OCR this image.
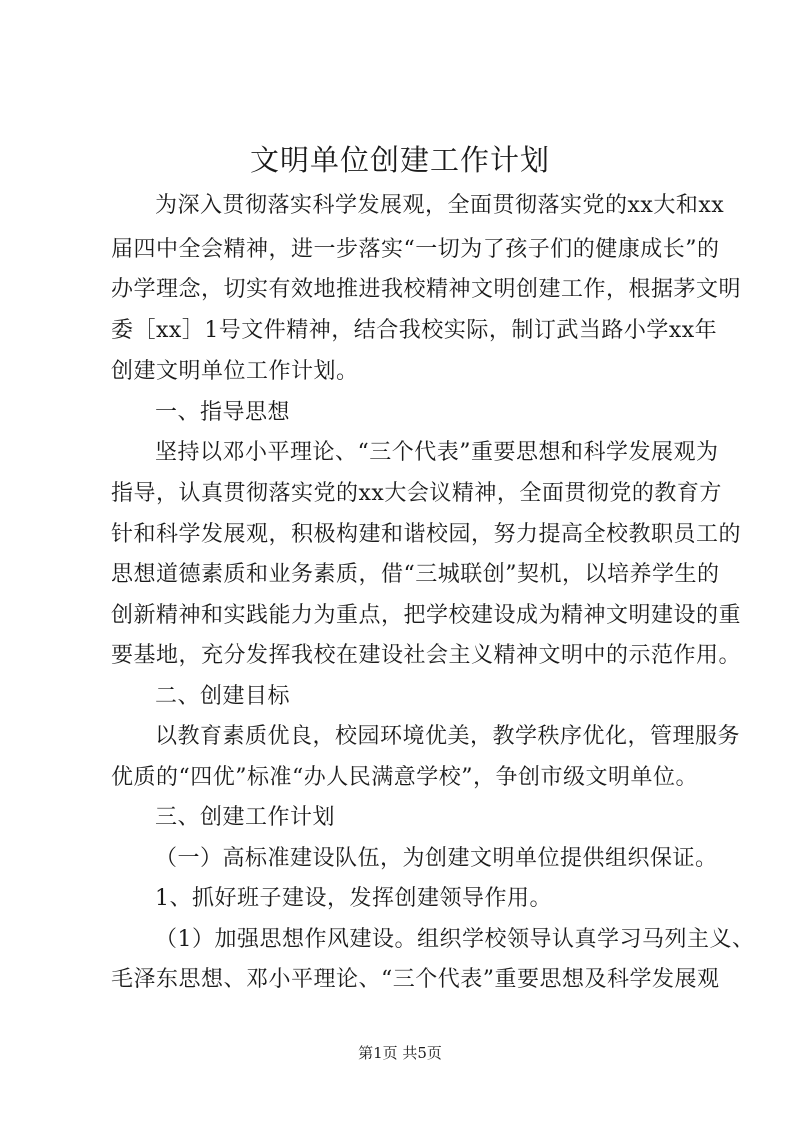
文明单位创建工作计划
为深入贯彻落实科学发展观，全面贯彻落实党的xx大和xx
届四中全会精神，进一步落实“一切为了孩子们的健康成长”的
办学理念，切实有效地推进我校精神文明创建工作，根据茅文明
委［xx］1号文件精神，结合我校实际，制订武当路小学xx年
创建文明单位工作计划。
一、指导思想
坚持以邓小平理论、“三个代表”重要思想和科学发展观为
指导，认真贯彻落实党的xx大会议精神，全面贯彻党的教育方
针和科学发展观，积极构建和谐校园，努力提高全校教职员工的
思想道德素质和业务素质，借“三城联创”契机，以培养学生的
创新精神和实践能力为重点，把学校建设成为精神文明建设的重
要基地，充分发挥我校在建设社会主义精神文明中的示范作用。
二、创建目标
以教育素质优良，校园环境优美，教学秩序优化，管理服务
优质的“四优”标准“办人民满意学校”，争创市级文明单位。
三、创建工作计划
（一）高标准建设队伍，为创建文明单位提供组织保证。
1、抓好班子建设，发挥创建领导作用。
（1）加强思想作风建设。组织学校领导认真学习马列主义、
毛泽东思想、邓小平理论、“三个代表”重要思想及科学发展观
第1页 共5页
